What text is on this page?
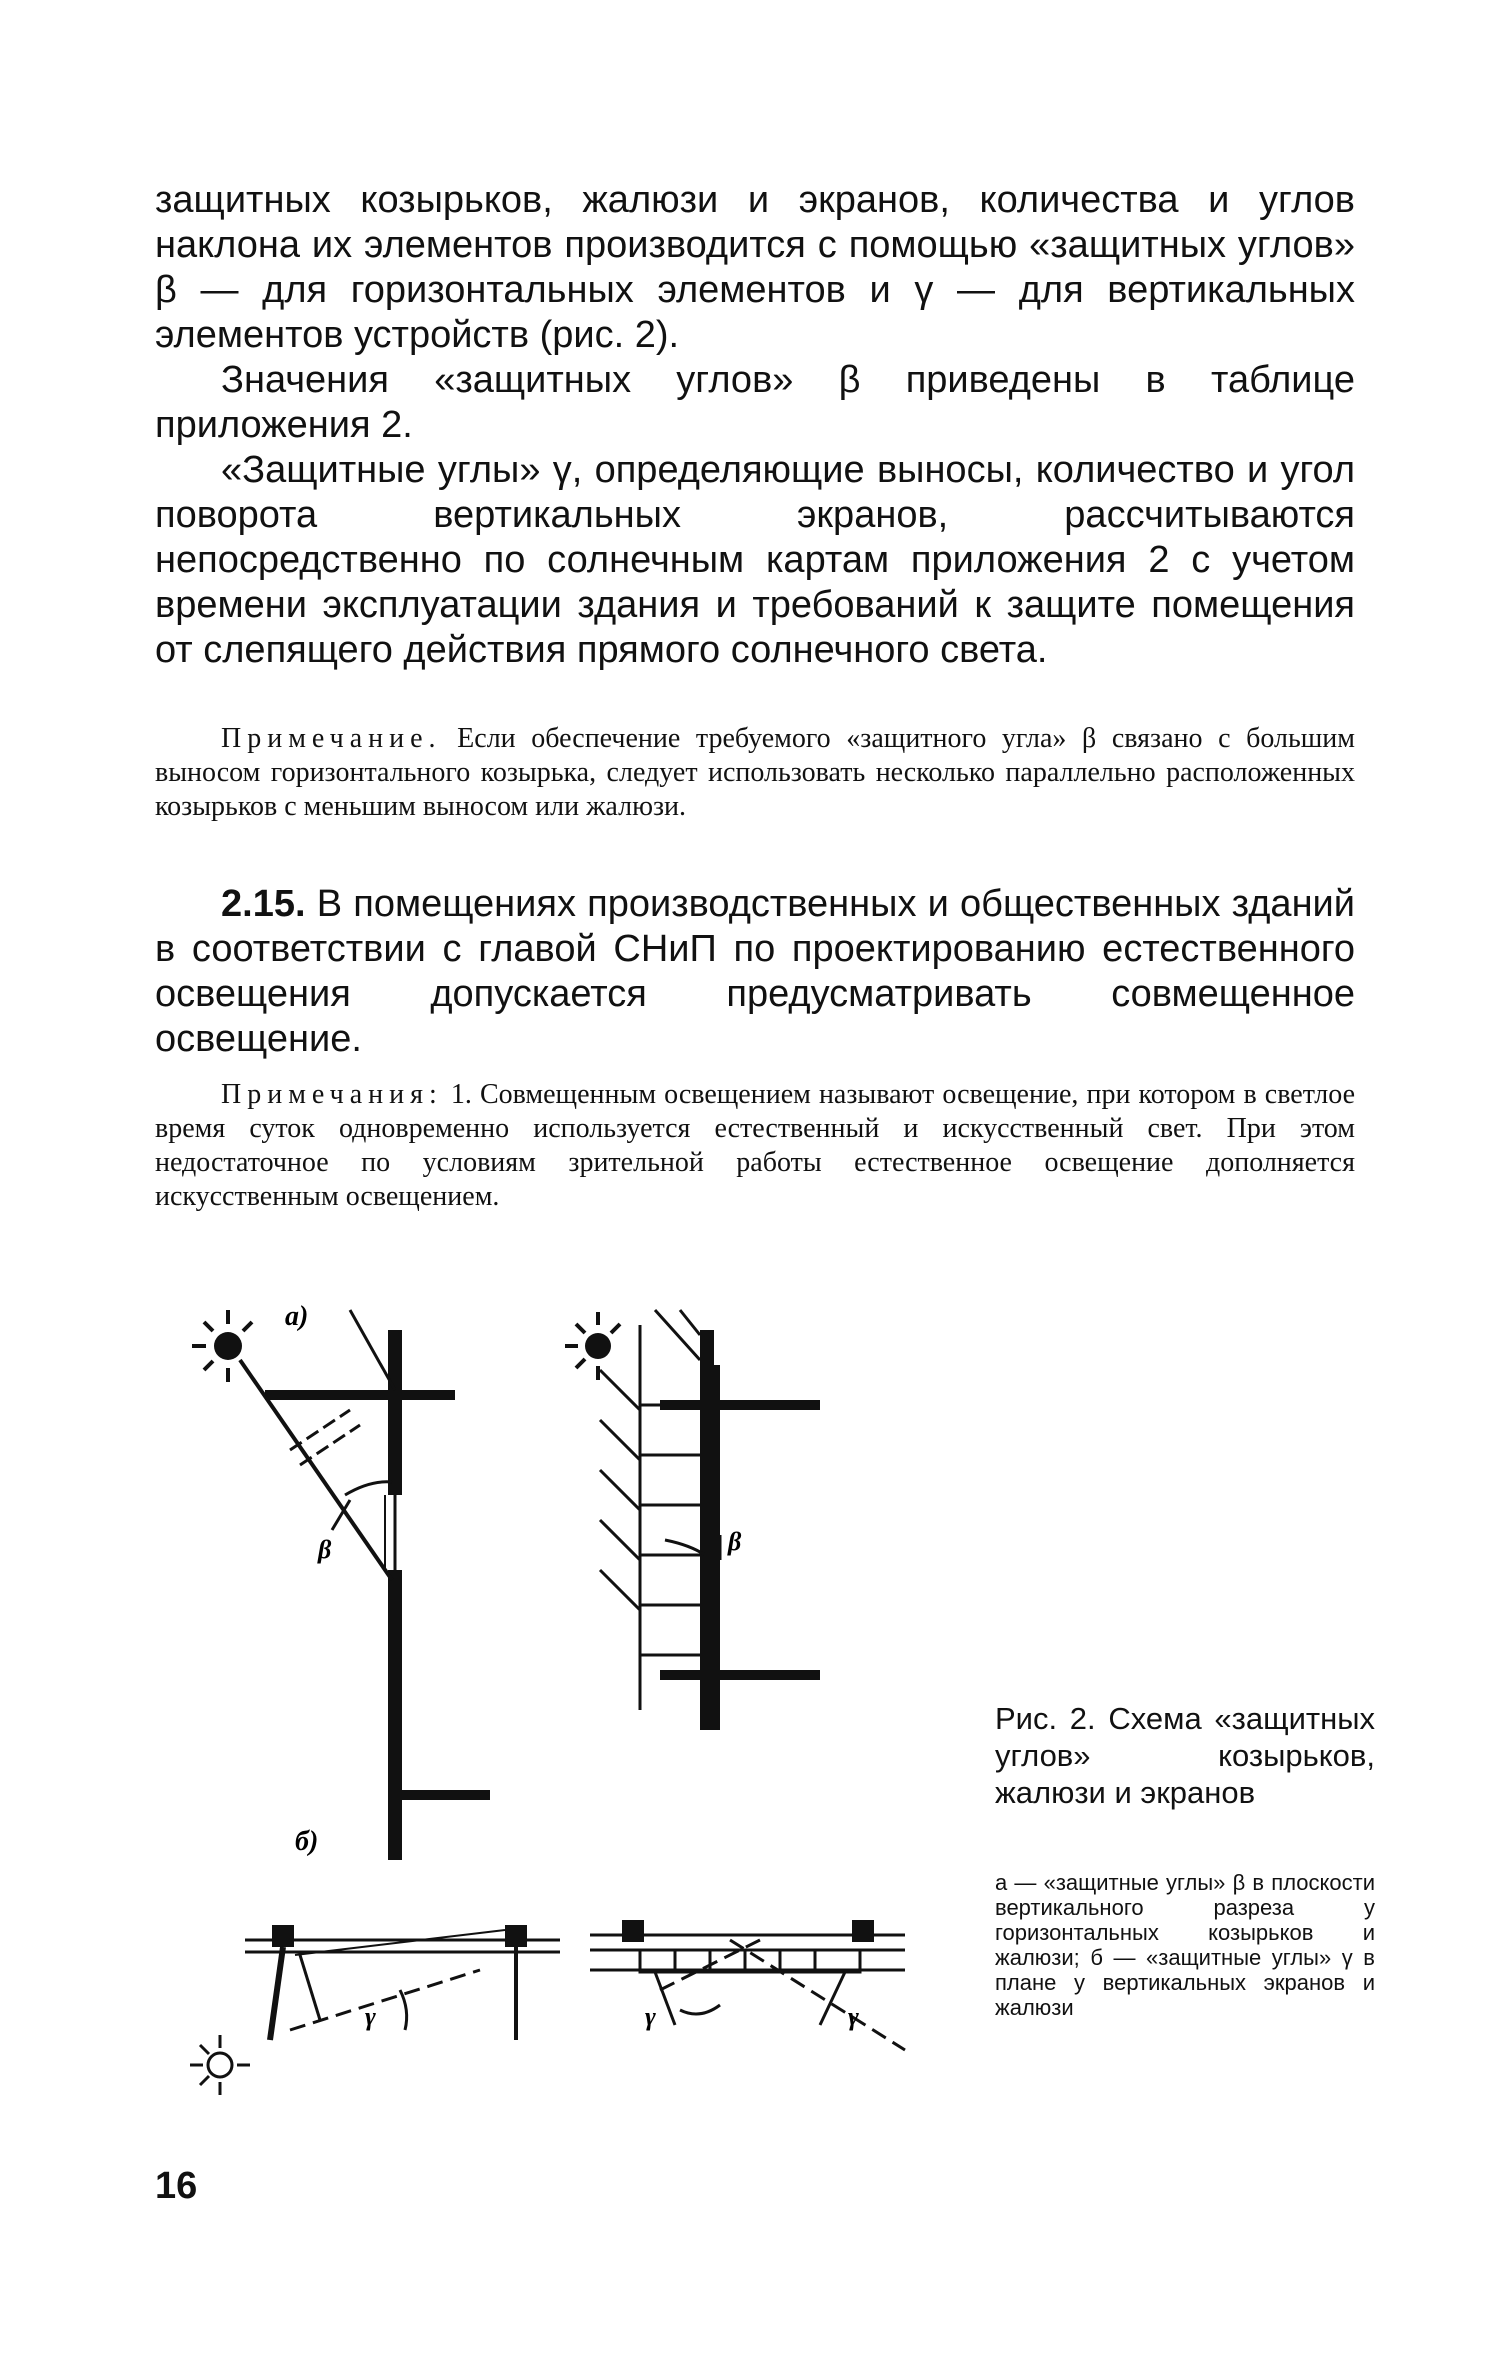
защитных козырьков, жалюзи и экранов, количества и углов наклона их элементов производится с помощью «защитных углов» β — для горизонтальных элементов и γ — для вертикальных элементов устройств (рис. 2).

Значения «защитных углов» β приведены в таблице приложения 2.

«Защитные углы» γ, определяющие выносы, количество и угол поворота вертикальных экранов, рассчитываются непосредственно по солнечным картам приложения 2 с учетом времени эксплуатации здания и требований к защите помещения от слепящего действия прямого солнечного света.

Примечание. Если обеспечение требуемого «защитного угла» β связано с большим выносом горизонтального козырька, следует использовать несколько параллельно расположенных козырьков с меньшим выносом или жалюзи.

2.15. В помещениях производственных и общественных зданий в соответствии с главой СНиП по проектированию естественного освещения допускается предусматривать совмещенное освещение.

Примечания: 1. Совмещенным освещением называют освещение, при котором в светлое время суток одновременно используется естественный и искусственный свет. При этом недостаточное по условиям зрительной работы естественное освещение дополняется искусственным освещением.

а)
β	β
б)
γ	γ	γ

Рис. 2. Схема «защитных углов» козырьков, жалюзи и экранов

а — «защитные углы» β в плоскости вертикального разреза у горизонтальных козырьков и жалюзи; б — «защитные углы» γ в плане у вертикальных экранов и жалюзи

16
